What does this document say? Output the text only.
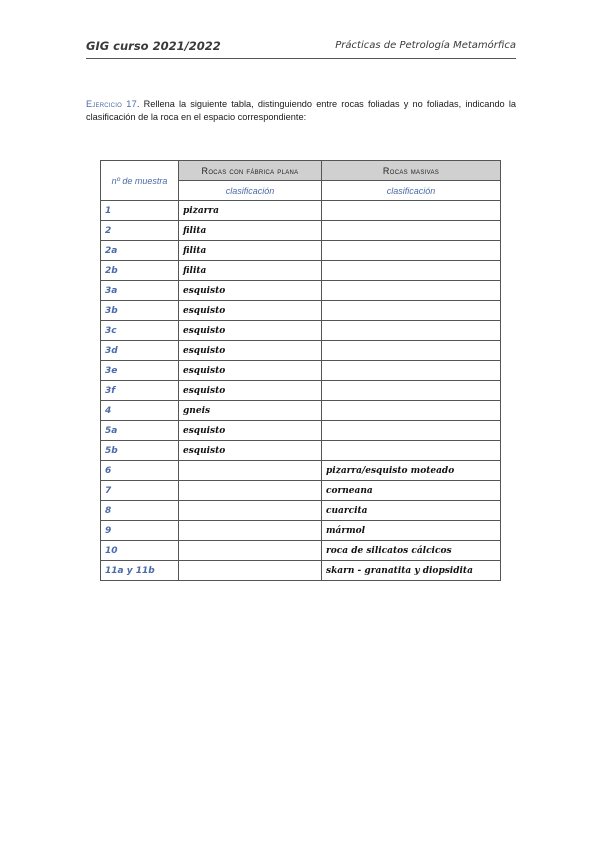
GIG curso 2021/2022	Prácticas de Petrología Metamórfica
Ejercicio 17. Rellena la siguiente tabla, distinguiendo entre rocas foliadas y no foliadas, indicando la clasificación de la roca en el espacio correspondiente:
nº de muestra	Rocas con fábrica plana	Rocas masivas
	clasificación	clasificación
1	pizarra	
2	filita	
2a	filita	
2b	filita	
3a	esquisto	
3b	esquisto	
3c	esquisto	
3d	esquisto	
3e	esquisto	
3f	esquisto	
4	gneis	
5a	esquisto	
5b	esquisto	
6		pizarra/esquisto moteado
7		corneana
8		cuarcita
9		mármol
10		roca de silicatos cálcicos
11a y 11b		skarn - granatita y diopsidita
